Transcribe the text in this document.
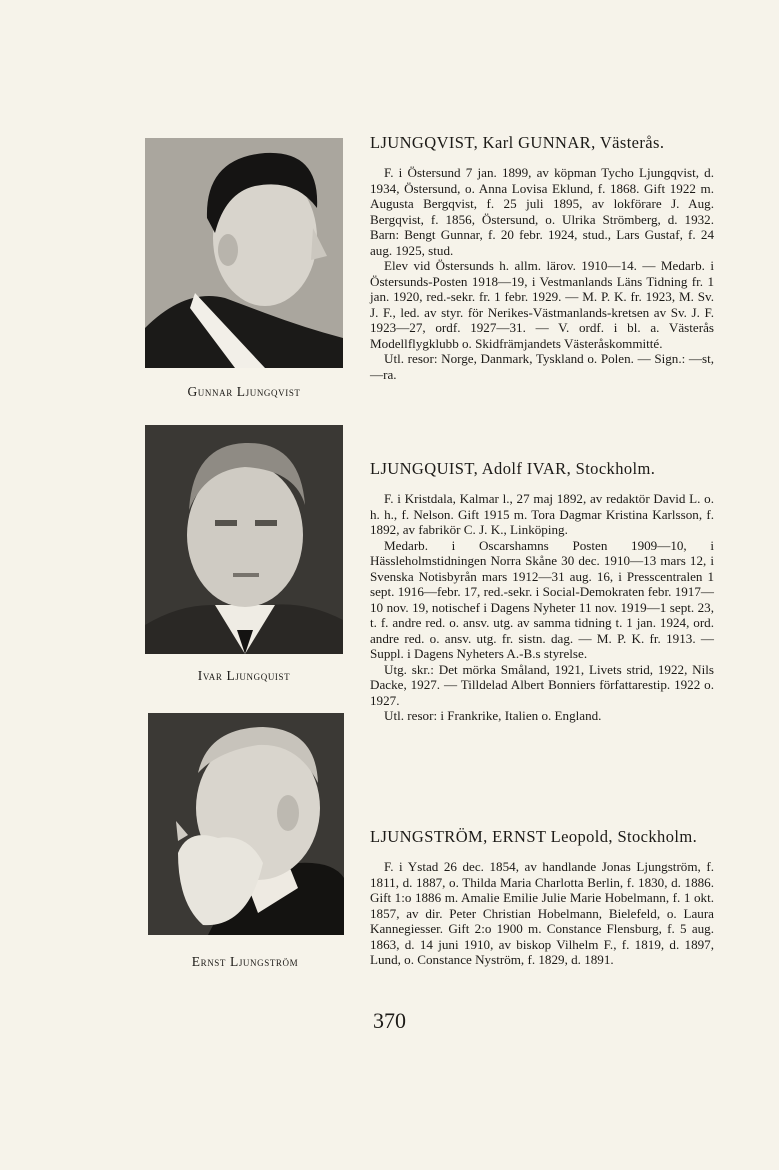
Gunnar Ljungqvist
LJUNGQVIST, Karl GUNNAR, Västerås.

F. i Östersund 7 jan. 1899, av köpman Tycho Ljungqvist, d. 1934, Östersund, o. Anna Lovisa Eklund, f. 1868. Gift 1922 m. Augusta Bergqvist, f. 25 juli 1895, av lokförare J. Aug. Bergqvist, f. 1856, Östersund, o. Ulrika Strömberg, d. 1932. Barn: Bengt Gunnar, f. 20 febr. 1924, stud., Lars Gustaf, f. 24 aug. 1925, stud.

Elev vid Östersunds h. allm. lärov. 1910—14. — Medarb. i Östersunds-Posten 1918—19, i Vestmanlands Läns Tidning fr. 1 jan. 1920, red.-sekr. fr. 1 febr. 1929. — M. P. K. fr. 1923, M. Sv. J. F., led. av styr. för Nerikes-Västmanlands-kretsen av Sv. J. F. 1923—27, ordf. 1927—31. — V. ordf. i bl. a. Västerås Modellflygklubb o. Skidfrämjandets Västeråskommitté.

Utl. resor: Norge, Danmark, Tyskland o. Polen. — Sign.: —st, —ra.

Ivar Ljungquist
LJUNGQUIST, Adolf IVAR, Stockholm.

F. i Kristdala, Kalmar l., 27 maj 1892, av redaktör David L. o. h. h., f. Nelson. Gift 1915 m. Tora Dagmar Kristina Karlsson, f. 1892, av fabrikör C. J. K., Linköping.

Medarb. i Oscarshamns Posten 1909—10, i Hässleholmstidningen Norra Skåne 30 dec. 1910—13 mars 12, i Svenska Notisbyrån mars 1912—31 aug. 16, i Presscentralen 1 sept. 1916—febr. 17, red.-sekr. i Social-Demokraten febr. 1917—10 nov. 19, notischef i Dagens Nyheter 11 nov. 1919—1 sept. 23, t. f. andre red. o. ansv. utg. av samma tidning t. 1 jan. 1924, ord. andre red. o. ansv. utg. fr. sistn. dag. — M. P. K. fr. 1913. — Suppl. i Dagens Nyheters A.-B.s styrelse.

Utg. skr.: Det mörka Småland, 1921, Livets strid, 1922, Nils Dacke, 1927. — Tilldelad Albert Bonniers författarestip. 1922 o. 1927.

Utl. resor: i Frankrike, Italien o. England.

Ernst Ljungström
LJUNGSTRÖM, ERNST Leopold, Stockholm.

F. i Ystad 26 dec. 1854, av handlande Jonas Ljungström, f. 1811, d. 1887, o. Thilda Maria Charlotta Berlin, f. 1830, d. 1886. Gift 1:o 1886 m. Amalie Emilie Julie Marie Hobelmann, f. 1 okt. 1857, av dir. Peter Christian Hobelmann, Bielefeld, o. Laura Kannegiesser. Gift 2:o 1900 m. Constance Flensburg, f. 5 aug. 1863, d. 14 juni 1910, av biskop Vilhelm F., f. 1819, d. 1897, Lund, o. Constance Nyström, f. 1829, d. 1891.

370
